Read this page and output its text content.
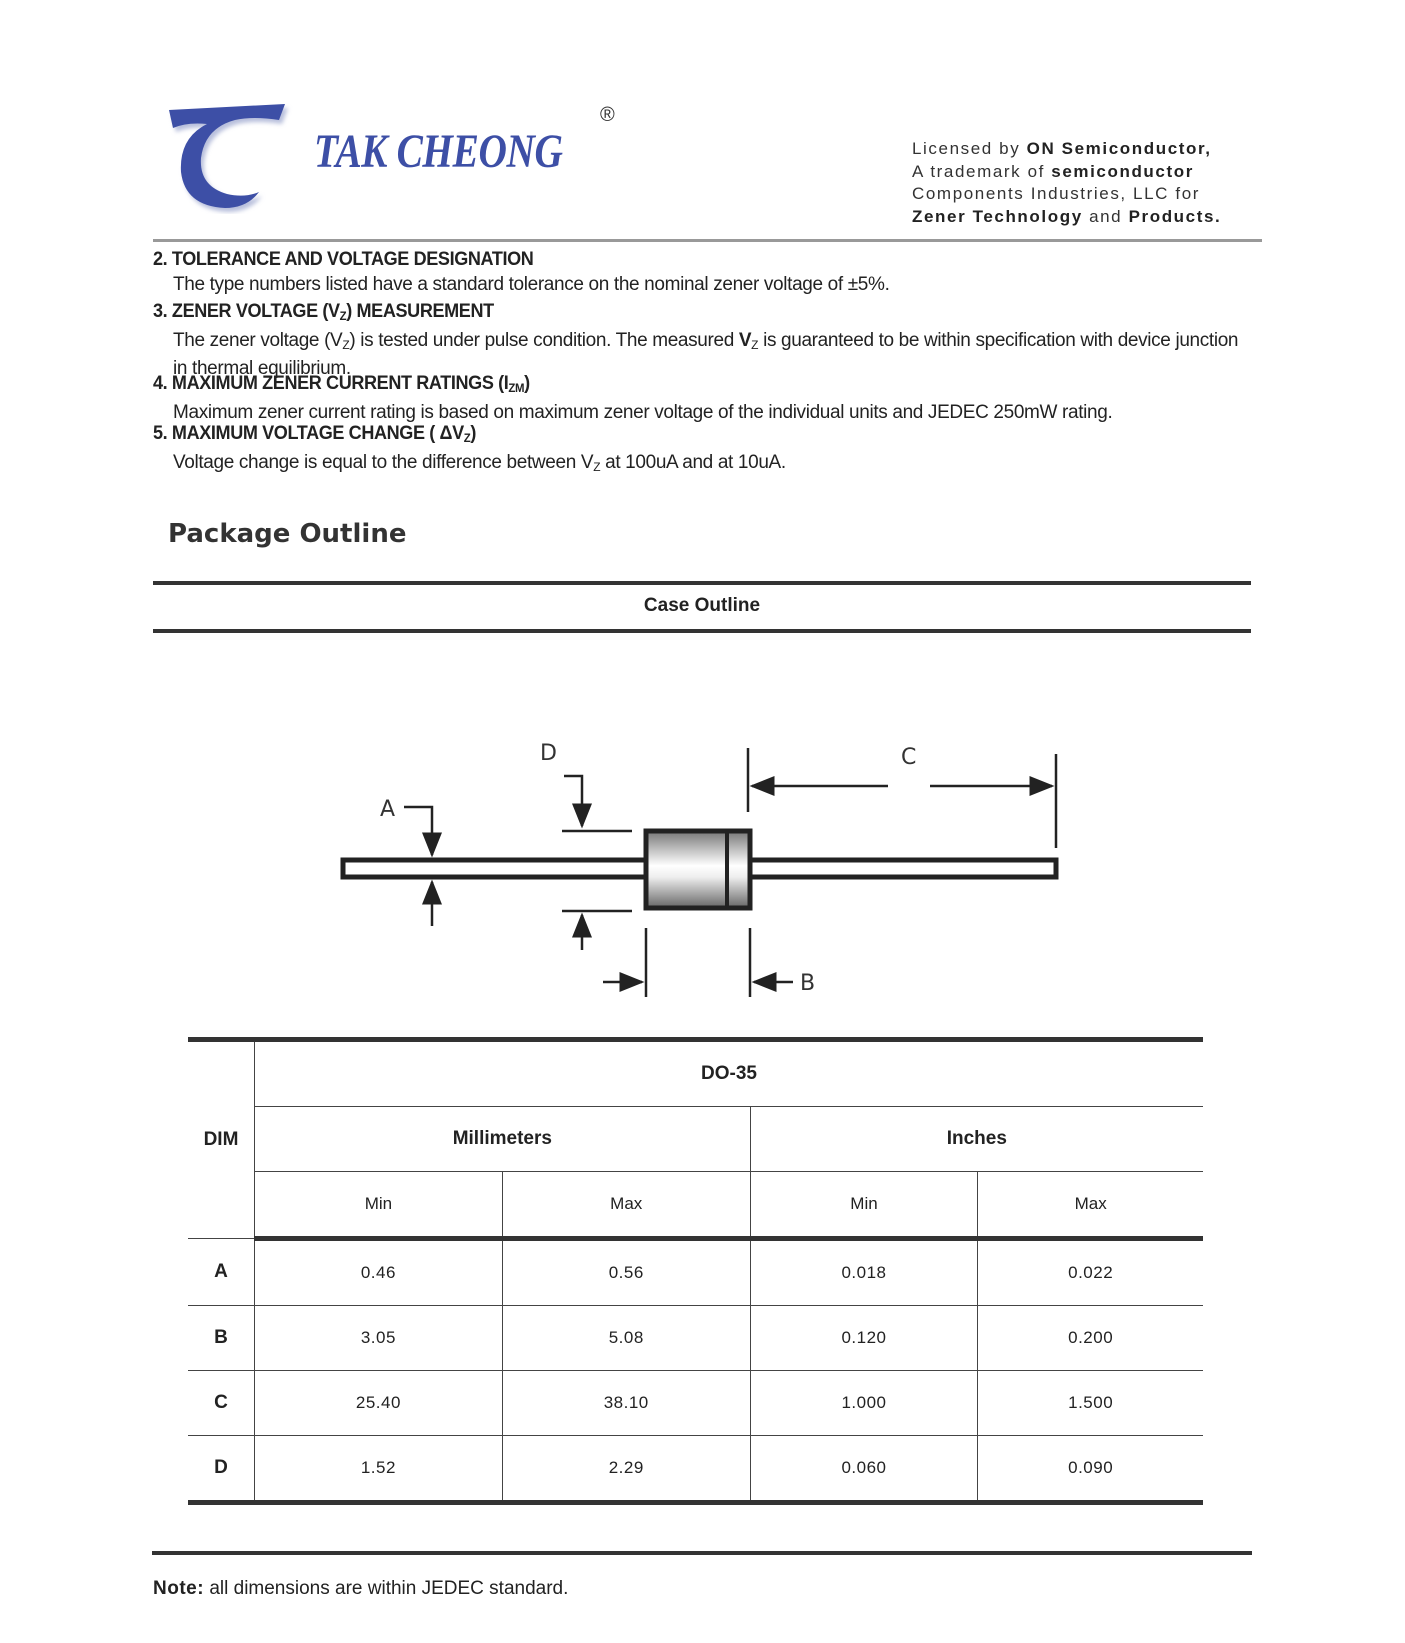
TAK CHEONG
®
Licensed by ON Semiconductor,
A trademark of semiconductor
Components Industries, LLC for
Zener Technology and Products.
2. TOLERANCE AND VOLTAGE DESIGNATION
The type numbers listed have a standard tolerance on the nominal zener voltage of ±5%.
3. ZENER VOLTAGE $(V_Z)$ MEASUREMENT
The zener voltage $(V_Z)$ is tested under pulse condition. The measured $V_Z$ is guaranteed to be within specification with device junction in thermal equilibrium.
4. MAXIMUM ZENER CURRENT RATINGS $(I_{ZM})$
Maximum zener current rating is based on maximum zener voltage of the individual units and JEDEC 250mW rating.
5. MAXIMUM VOLTAGE CHANGE ( $\Delta V_Z$)
Voltage change is equal to the difference between $V_Z$ at 100uA and at 10uA.
Package Outline
Case Outline
A
D	C
B
DIM	DO-35			
	Millimeters		Inches	
	Min	Max	Min	Max
A	0.46	0.56	0.018	0.022
B	3.05	5.08	0.120	0.200
C	25.40	38.10	1.000	1.500
D	1.52	2.29	0.060	0.090
Note: all dimensions are within JEDEC standard.
